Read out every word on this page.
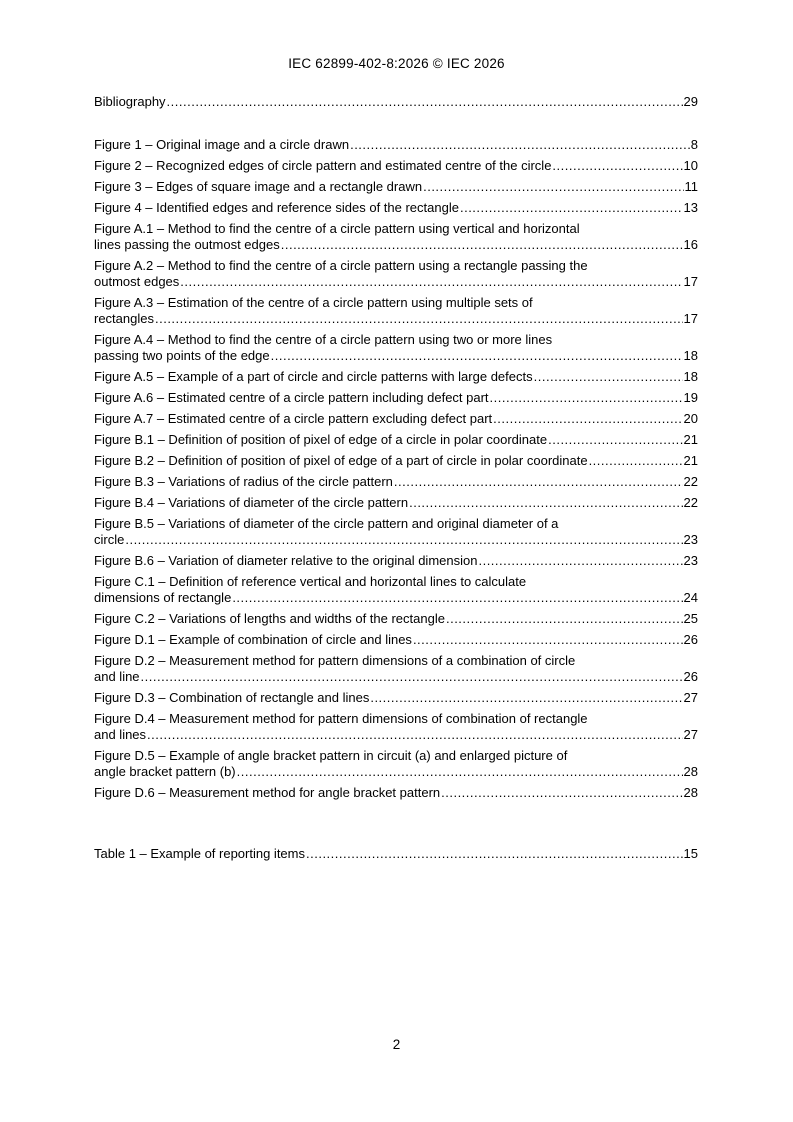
IEC 62899-402-8:2026 © IEC 2026
Bibliography .....	29
Figure 1 – Original image and a circle drawn .....	8
Figure 2 – Recognized edges of circle pattern and estimated centre of the circle .....	10
Figure 3 – Edges of square image and a rectangle drawn .....	11
Figure 4 – Identified edges and reference sides of the rectangle .....	13
Figure A.1 – Method to find the centre of a circle pattern using vertical and horizontal
lines passing the outmost edges .....	16
Figure A.2 – Method to find the centre of a circle pattern using a rectangle passing the
outmost edges .....	17
Figure A.3 – Estimation of the centre of a circle pattern using multiple sets of
rectangles .....	17
Figure A.4 – Method to find the centre of a circle pattern using two or more lines
passing two points of the edge .....	18
Figure A.5 – Example of a part of circle and circle patterns with large defects .....	18
Figure A.6 – Estimated centre of a circle pattern including defect part .....	19
Figure A.7 – Estimated centre of a circle pattern excluding defect part .....	20
Figure B.1 – Definition of position of pixel of edge of a circle in polar coordinate .....	21
Figure B.2 – Definition of position of pixel of edge of a part of circle in polar coordinate .....	21
Figure B.3 – Variations of radius of the circle pattern .....	22
Figure B.4 – Variations of diameter of the circle pattern .....	22
Figure B.5 – Variations of diameter of the circle pattern and original diameter of a
circle .....	23
Figure B.6 – Variation of diameter relative to the original dimension .....	23
Figure C.1 – Definition of reference vertical and horizontal lines to calculate
dimensions of rectangle .....	24
Figure C.2 – Variations of lengths and widths of the rectangle .....	25
Figure D.1 – Example of combination of circle and lines .....	26
Figure D.2 – Measurement method for pattern dimensions of a combination of circle
and line .....	26
Figure D.3 – Combination of rectangle and lines .....	27
Figure D.4 – Measurement method for pattern dimensions of combination of rectangle
and lines .....	27
Figure D.5 – Example of angle bracket pattern in circuit (a) and enlarged picture of
angle bracket pattern (b) .....	28
Figure D.6 – Measurement method for angle bracket pattern .....	28
Table 1 – Example of reporting items .....	15
2
